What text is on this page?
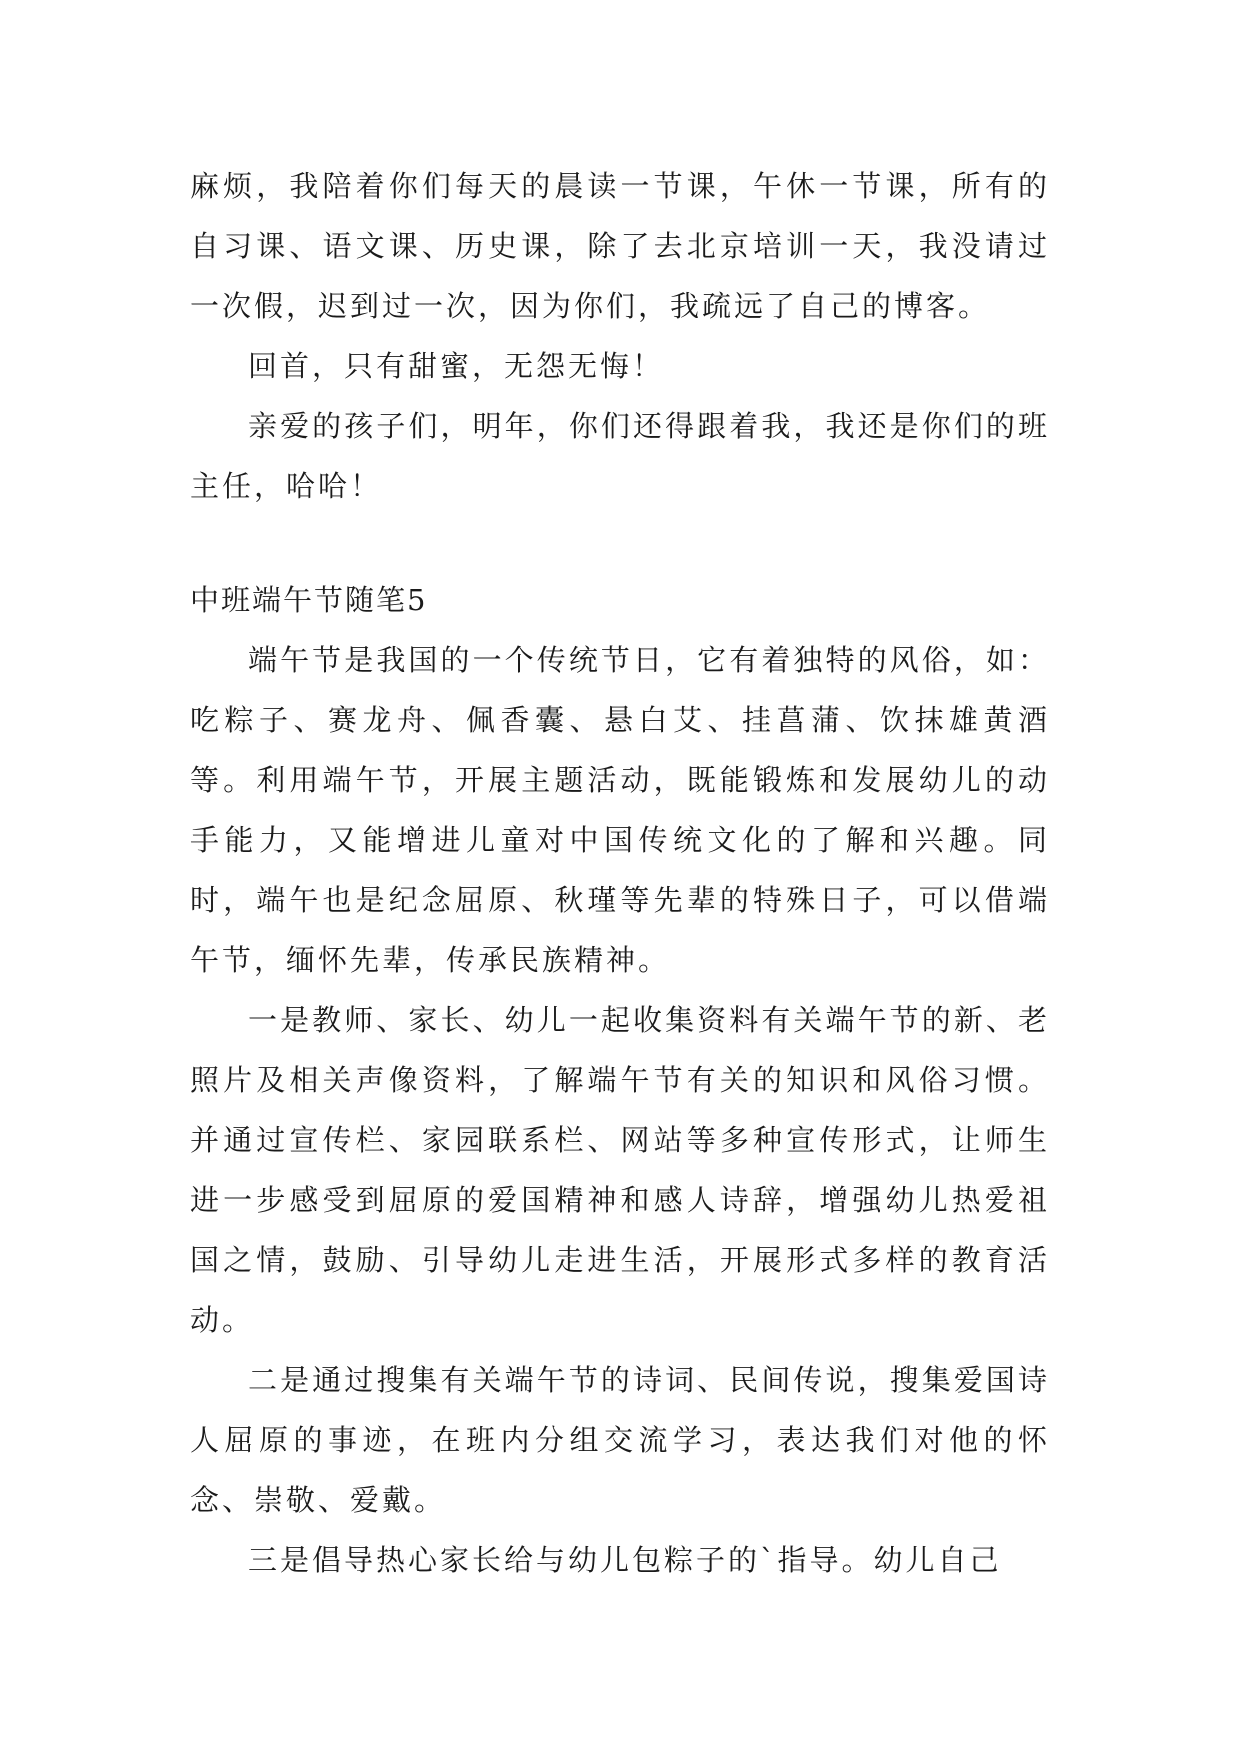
麻烦，我陪着你们每天的晨读一节课，午休一节课，所有的自习课、语文课、历史课，除了去北京培训一天，我没请过一次假，迟到过一次，因为你们，我疏远了自己的博客。

回首，只有甜蜜，无怨无悔！

亲爱的孩子们，明年，你们还得跟着我，我还是你们的班主任，哈哈！

中班端午节随笔5

端午节是我国的一个传统节日，它有着独特的风俗，如：吃粽子、赛龙舟、佩香囊、悬白艾、挂菖蒲、饮抹雄黄酒等。利用端午节，开展主题活动，既能锻炼和发展幼儿的动手能力，又能增进儿童对中国传统文化的了解和兴趣。同时，端午也是纪念屈原、秋瑾等先辈的特殊日子，可以借端午节，缅怀先辈，传承民族精神。

一是教师、家长、幼儿一起收集资料有关端午节的新、老照片及相关声像资料，了解端午节有关的知识和风俗习惯。并通过宣传栏、家园联系栏、网站等多种宣传形式，让师生进一步感受到屈原的爱国精神和感人诗辞，增强幼儿热爱祖国之情，鼓励、引导幼儿走进生活，开展形式多样的教育活动。

二是通过搜集有关端午节的诗词、民间传说，搜集爱国诗人屈原的事迹，在班内分组交流学习，表达我们对他的怀念、崇敬、爱戴。

三是倡导热心家长给与幼儿包粽子的`指导。幼儿自己
